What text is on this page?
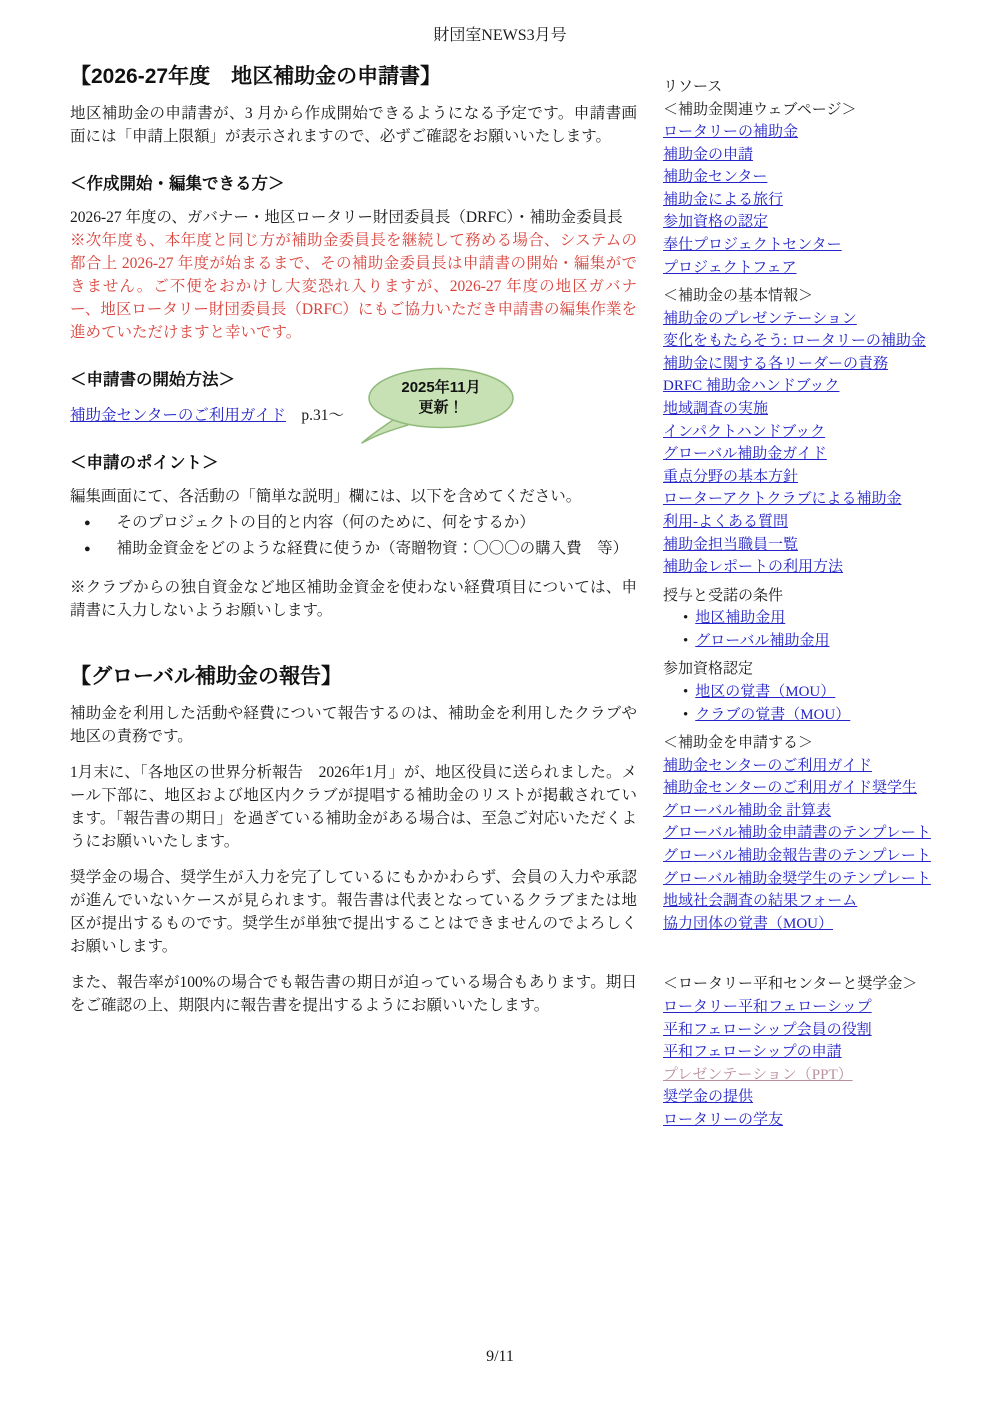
財団室NEWS3月号
【2026-27年度　地区補助金の申請書】

地区補助金の申請書が、3 月から作成開始できるようになる予定です。申請書画面には「申請上限額」が表示されますので、必ずご確認をお願いいたします。

＜作成開始・編集できる方＞

2026-27 年度の、ガバナー・地区ロータリー財団委員長（DRFC）・補助金委員長

※次年度も、本年度と同じ方が補助金委員長を継続して務める場合、システムの都合上 2026-27 年度が始まるまで、その補助金委員長は申請書の開始・編集ができません。ご不便をおかけし大変恐れ入りますが、2026-27 年度の地区ガバナー、地区ロータリー財団委員長（DRFC）にもご協力いただき申請書の編集作業を進めていただけますと幸いです。

＜申請書の開始方法＞

補助金センターのご利用ガイド　p.31～

＜申請のポイント＞

編集画面にて、各活動の「簡単な説明」欄には、以下を含めてください。

● そのプロジェクトの目的と内容（何のために、何をするか）
● 補助金資金をどのような経費に使うか（寄贈物資：〇〇〇の購入費　等）

※クラブからの独自資金など地区補助金資金を使わない経費項目については、申請書に入力しないようお願いします。

【グローバル補助金の報告】

補助金を利用した活動や経費について報告するのは、補助金を利用したクラブや地区の責務です。

1月末に、「各地区の世界分析報告　2026年1月」が、地区役員に送られました。メール下部に、地区および地区内クラブが提唱する補助金のリストが掲載されています。「報告書の期日」を過ぎている補助金がある場合は、至急ご対応いただくようにお願いいたします。

奨学金の場合、奨学生が入力を完了しているにもかかわらず、会員の入力や承認が進んでいないケースが見られます。報告書は代表となっているクラブまたは地区が提出するものです。奨学生が単独で提出することはできませんのでよろしくお願いします。

また、報告率が100%の場合でも報告書の期日が迫っている場合もあります。期日をご確認の上、期限内に報告書を提出するようにお願いいたします。

2025年11月
更新！
リソース
＜補助金関連ウェブページ＞
ロータリーの補助金
補助金の申請
補助金センター
補助金による旅行
参加資格の認定
奉仕プロジェクトセンター
プロジェクトフェア
＜補助金の基本情報＞
補助金のプレゼンテーション
変化をもたらそう: ロータリーの補助金
補助金に関する各リーダーの責務
DRFC 補助金ハンドブック
地域調査の実施
インパクトハンドブック
グローバル補助金ガイド
重点分野の基本方針
ローターアクトクラブによる補助金
利用-よくある質問
補助金担当職員一覧
補助金レポートの利用方法
授与と受諾の条件
• 地区補助金用
• グローバル補助金用
参加資格認定
• 地区の覚書（MOU）
• クラブの覚書（MOU）
＜補助金を申請する＞
補助金センターのご利用ガイド
補助金センターのご利用ガイド奨学生
グローバル補助金 計算表
グローバル補助金申請書のテンプレート
グローバル補助金報告書のテンプレート
グローバル補助金奨学生のテンプレート
地域社会調査の結果フォーム
協力団体の覚書（MOU）
＜ロータリー平和センターと奨学金＞
ロータリー平和フェローシップ
平和フェローシップ会員の役割
平和フェローシップの申請
プレゼンテーション（PPT）
奨学金の提供
ロータリーの学友
9/11
